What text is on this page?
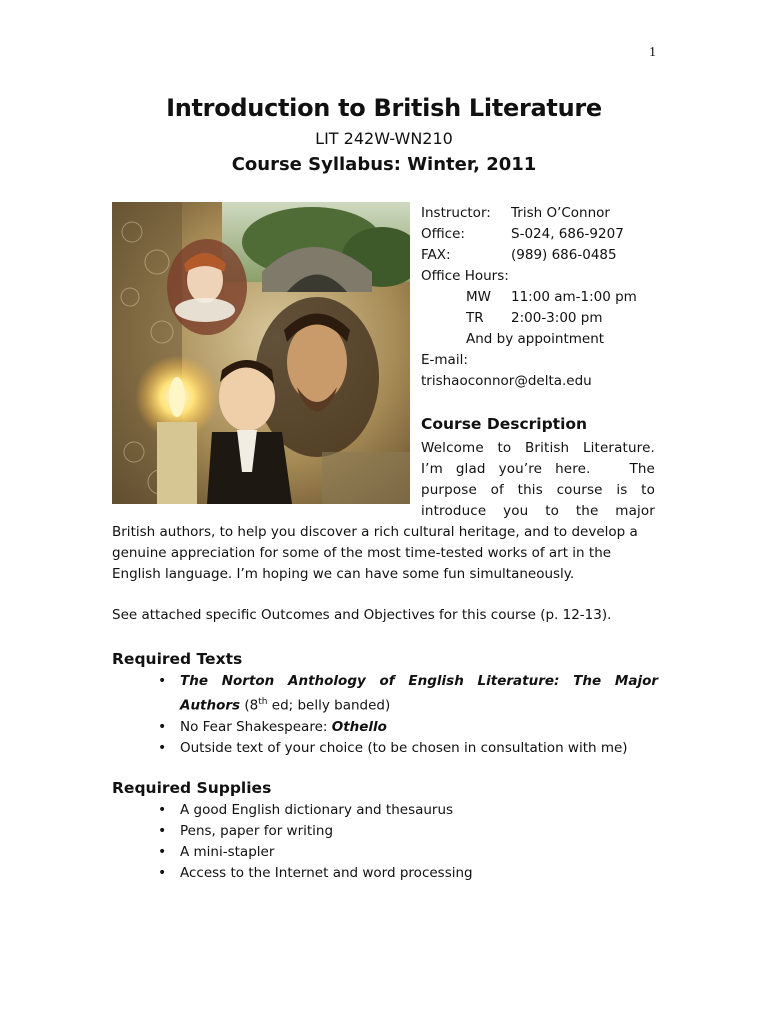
1
Introduction to British Literature
LIT 242W-WN210
Course Syllabus: Winter, 2011
Instructor:	Trish O’Connor
Office:	S-024, 686-9207
FAX:	(989) 686-0485
Office Hours:
MW	11:00 am-1:00 pm
TR	2:00-3:00 pm
And by appointment
E-mail:
trishaoconnor@delta.edu
Course Description
Welcome to British Literature.
I’m glad you’re here.   The
purpose of this course is to
introduce you to the major
British authors, to help you discover a rich cultural heritage, and to develop a genuine appreciation for some of the most time-tested works of art in the English language. I’m hoping we can have some fun simultaneously.
See attached specific Outcomes and Objectives for this course (p. 12-13).
Required Texts
• The Norton Anthology of English Literature: The Major
Authors (8th ed; belly banded)
• No Fear Shakespeare: Othello
• Outside text of your choice (to be chosen in consultation with me)
Required Supplies
• A good English dictionary and thesaurus
• Pens, paper for writing
• A mini-stapler
• Access to the Internet and word processing
